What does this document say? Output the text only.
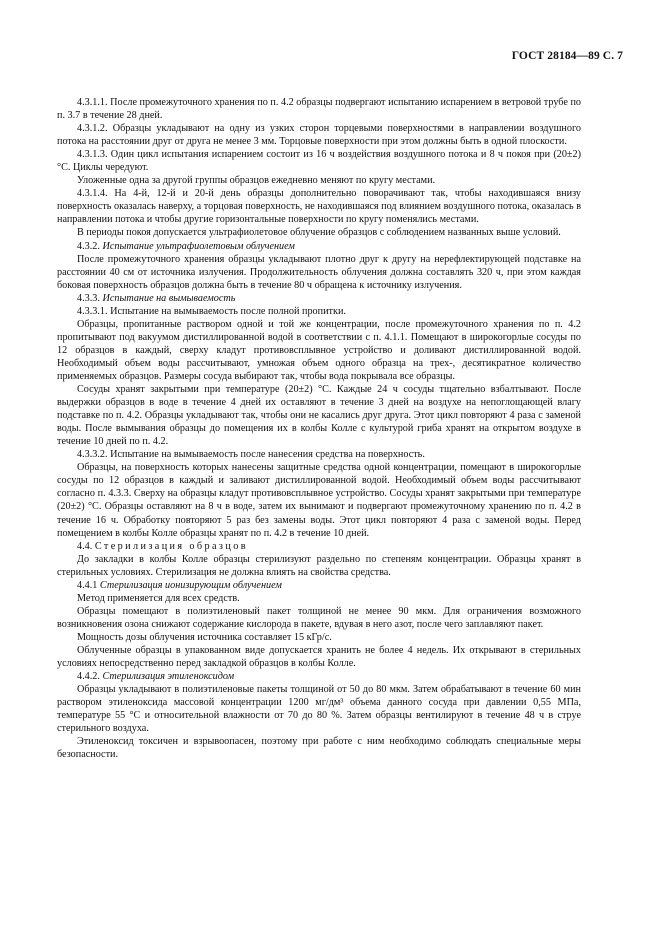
ГОСТ 28184—89 С. 7

4.3.1.1. После промежуточного хранения по п. 4.2 образцы подвергают испытанию испарением в ветровой трубе по п. 3.7 в течение 28 дней.

4.3.1.2. Образцы укладывают на одну из узких сторон торцевыми поверхностями в направлении воздушного потока на расстоянии друг от друга не менее 3 мм. Торцовые поверхности при этом должны быть в одной плоскости.

4.3.1.3. Один цикл испытания испарением состоит из 16 ч воздействия воздушного потока и 8 ч покоя при (20±2) °С. Циклы чередуют.

Уложенные одна за другой группы образцов ежедневно меняют по кругу местами.

4.3.1.4. На 4-й, 12-й и 20-й день образцы дополнительно поворачивают так, чтобы находившаяся внизу поверхность оказалась наверху, а торцовая поверхность, не находившаяся под влиянием воздушного потока, оказалась в направлении потока и чтобы другие горизонтальные поверхности по кругу поменялись местами.

В периоды покоя допускается ультрафиолетовое облучение образцов с соблюдением названных выше условий.

4.3.2. Испытание ультрафиолетовым облучением

После промежуточного хранения образцы укладывают плотно друг к другу на нерефлектирующей подставке на расстоянии 40 см от источника излучения. Продолжительность облучения должна составлять 320 ч, при этом каждая боковая поверхность образцов должна быть в течение 80 ч обращена к источнику излучения.

4.3.3. Испытание на вымываемость

4.3.3.1. Испытание на вымываемость после полной пропитки.

Образцы, пропитанные раствором одной и той же концентрации, после промежуточного хранения по п. 4.2 пропитывают под вакуумом дистиллированной водой в соответствии с п. 4.1.1. Помещают в широкогорлые сосуды по 12 образцов в каждый, сверху кладут противовсплывное устройство и доливают дистиллированной водой. Необходимый объем воды рассчитывают, умножая объем одного образца на трех-, десятикратное количество применяемых образцов. Размеры сосуда выбирают так, чтобы вода покрывала все образцы.

Сосуды хранят закрытыми при температуре (20±2) °С. Каждые 24 ч сосуды тщательно взбалтывают. После выдержки образцов в воде в течение 4 дней их оставляют в течение 3 дней на воздухе на непоглощающей влагу подставке по п. 4.2. Образцы укладывают так, чтобы они не касались друг друга. Этот цикл повторяют 4 раза с заменой воды. После вымывания образцы до помещения их в колбы Колле с культурой гриба хранят на открытом воздухе в течение 10 дней по п. 4.2.

4.3.3.2. Испытание на вымываемость после нанесения средства на поверхность.

Образцы, на поверхность которых нанесены защитные средства одной концентрации, помещают в широкогорлые сосуды по 12 образцов в каждый и заливают дистиллированной водой. Необходимый объем воды рассчитывают согласно п. 4.3.3. Сверху на образцы кладут противовсплывное устройство. Сосуды хранят закрытыми при температуре (20±2) °С. Образцы оставляют на 8 ч в воде, затем их вынимают и подвергают промежуточному хранению по п. 4.2 в течение 16 ч. Обработку повторяют 5 раз без замены воды. Этот цикл повторяют 4 раза с заменой воды. Перед помещением в колбы Колле образцы хранят по п. 4.2 в течение 10 дней.

4.4. Стерилизация образцов

До закладки в колбы Колле образцы стерилизуют раздельно по степеням концентрации. Образцы хранят в стерильных условиях. Стерилизация не должна влиять на свойства средства.

4.4.1 Стерилизация ионизирующим облучением

Метод применяется для всех средств.

Образцы помещают в полиэтиленовый пакет толщиной не менее 90 мкм. Для ограничения возможного возникновения озона снижают содержание кислорода в пакете, вдувая в него азот, после чего заплавляют пакет.

Мощность дозы облучения источника составляет 15 кГр/с.

Облученные образцы в упакованном виде допускается хранить не более 4 недель. Их открывают в стерильных условиях непосредственно перед закладкой образцов в колбы Колле.

4.4.2. Стерилизация этиленоксидом

Образцы укладывают в полиэтиленовые пакеты толщиной от 50 до 80 мкм. Затем обрабатывают в течение 60 мин раствором этиленоксида массовой концентрации 1200 мг/дм³ объема данного сосуда при давлении 0,55 МПа, температуре 55 °С и относительной влажности от 70 до 80 %. Затем образцы вентилируют в течение 48 ч в струе стерильного воздуха.

Этиленоксид токсичен и взрывоопасен, поэтому при работе с ним необходимо соблюдать специальные меры безопасности.
